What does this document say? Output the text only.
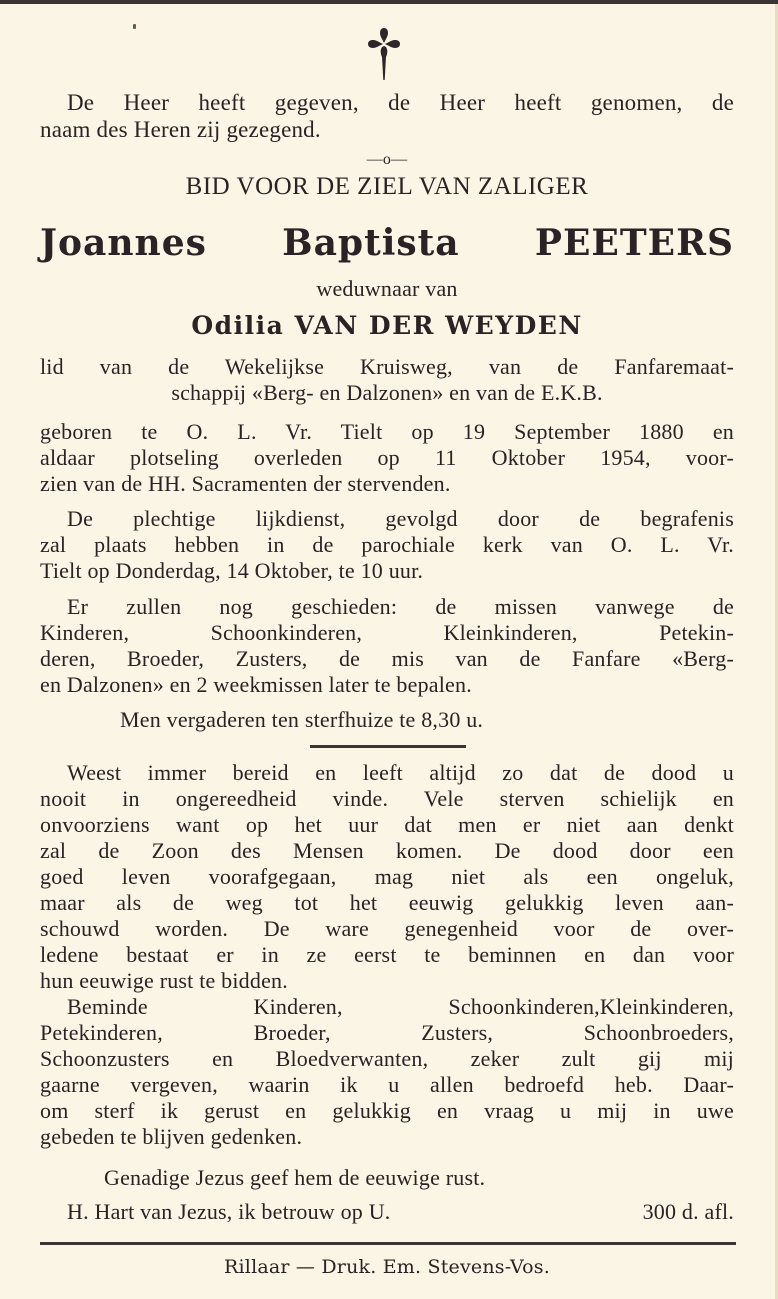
De Heer heeft gegeven, de Heer heeft genomen, de
naam des Heren zij gezegend.
—o—
BID VOOR DE ZIEL VAN ZALIGER
Joannes Baptista PEETERS
weduwnaar van
Odilia VAN DER WEYDEN
lid van de Wekelijkse Kruisweg, van de Fanfaremaat-
schappij «Berg- en Dalzonen» en van de E.K.B.
geboren te O. L. Vr. Tielt op 19 September 1880 en
aldaar plotseling overleden op 11 Oktober 1954, voor-
zien van de HH. Sacramenten der stervenden.
De plechtige lijkdienst, gevolgd door de begrafenis
zal plaats hebben in de parochiale kerk van O. L. Vr.
Tielt op Donderdag, 14 Oktober, te 10 uur.
Er zullen nog geschieden: de missen vanwege de
Kinderen, Schoonkinderen, Kleinkinderen, Petekin-
deren, Broeder, Zusters, de mis van de Fanfare «Berg-
en Dalzonen» en 2 weekmissen later te bepalen.
Men vergaderen ten sterfhuize te 8,30 u.
Weest immer bereid en leeft altijd zo dat de dood u
nooit in ongereedheid vinde. Vele sterven schielijk en
onvoorziens want op het uur dat men er niet aan denkt
zal de Zoon des Mensen komen. De dood door een
goed leven voorafgegaan, mag niet als een ongeluk,
maar als de weg tot het eeuwig gelukkig leven aan-
schouwd worden. De ware genegenheid voor de over-
ledene bestaat er in ze eerst te beminnen en dan voor
hun eeuwige rust te bidden.
Beminde Kinderen, Schoonkinderen,Kleinkinderen,
Petekinderen, Broeder, Zusters, Schoonbroeders,
Schoonzusters en Bloedverwanten, zeker zult gij mij
gaarne vergeven, waarin ik u allen bedroefd heb. Daar-
om sterf ik gerust en gelukkig en vraag u mij in uwe
gebeden te blijven gedenken.
Genadige Jezus geef hem de eeuwige rust.
H. Hart van Jezus, ik betrouw op U.	300 d. afl.
Rillaar — Druk. Em. Stevens-Vos.
